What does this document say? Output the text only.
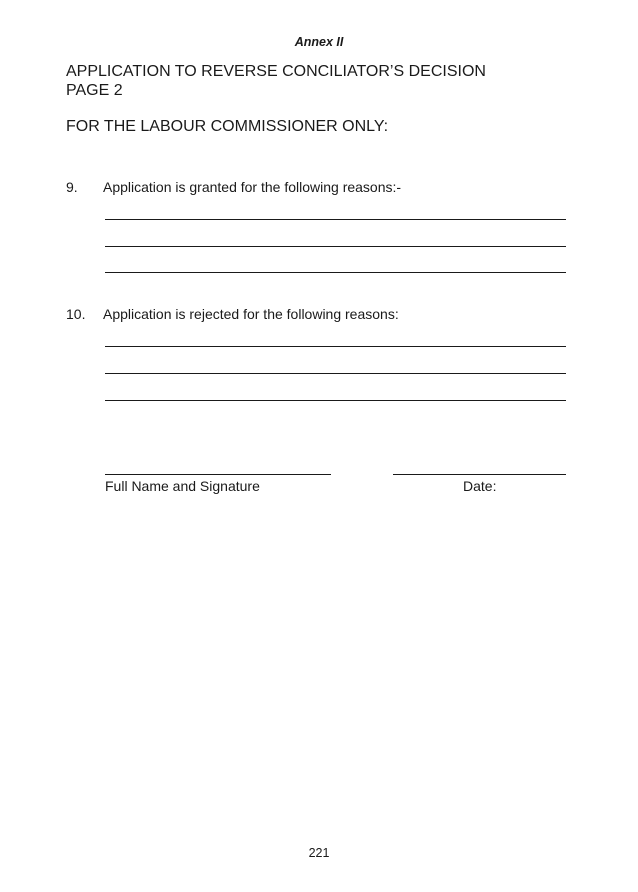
Annex II
APPLICATION TO REVERSE CONCILIATOR’S DECISION
PAGE 2
FOR THE LABOUR COMMISSIONER ONLY:
9. Application is granted for the following reasons:-
10. Application is rejected for the following reasons:
Full Name and Signature	Date:
221
